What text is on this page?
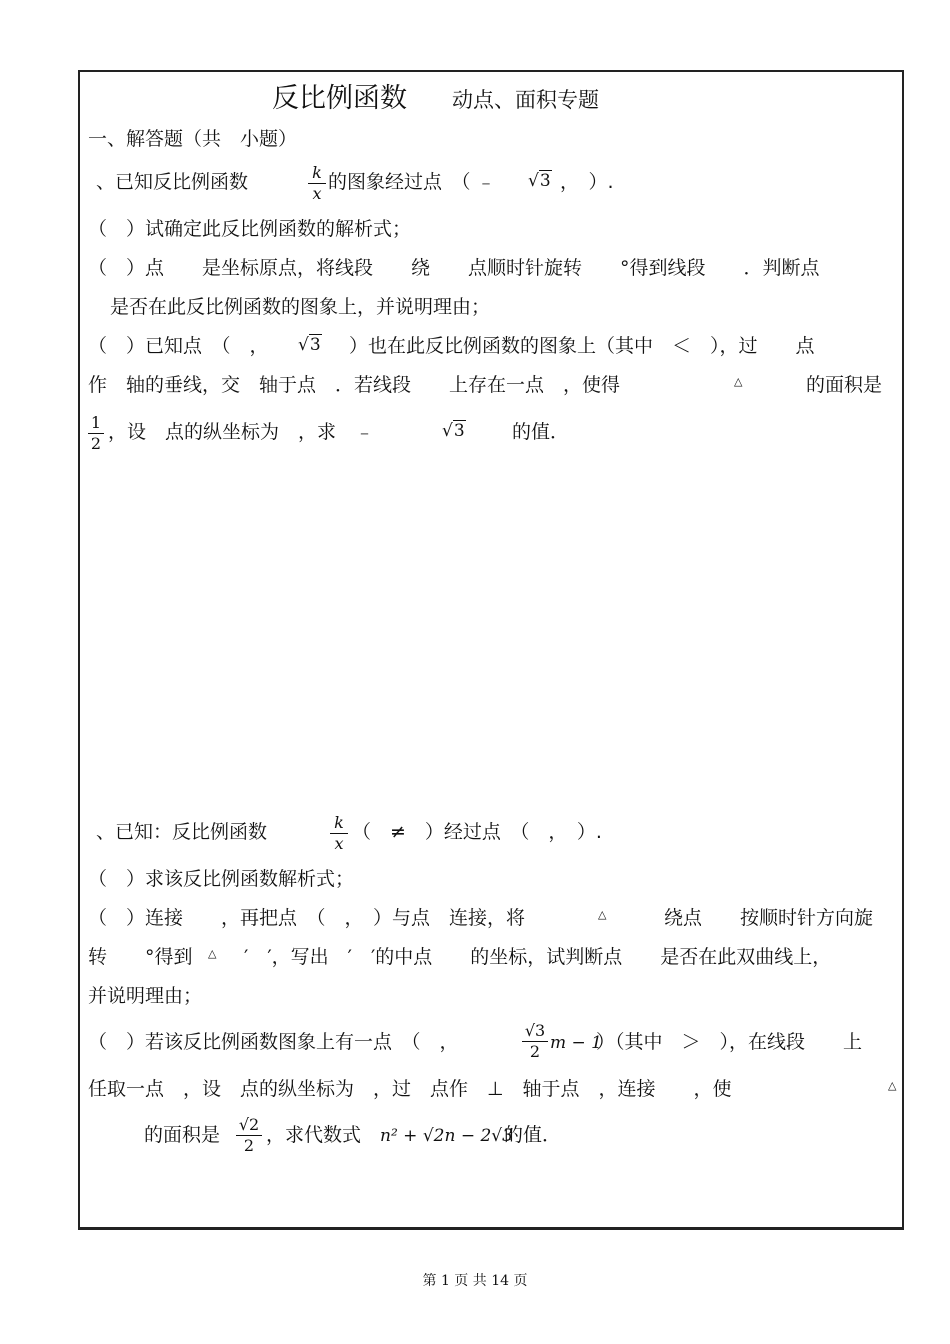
反比例函数 动点、面积专题
一、解答题（共　小题）
、已知反比例函数	k
x
的图象经过点　（ ﹣ √3 ，　）.
（　）试确定此反比例函数的解析式；
（　）点　　是坐标原点，将线段　　绕　　点顺时针旋转　　°得到线段　　．判断点
是否在此反比例函数的图象上，并说明理由；
（　）已知点　（　， √3 　）也在此反比例函数的图象上（其中　＜　），过　　点
作　轴的垂线，交　轴于点　．若线段　　上存在一点　，使得	△	的面积是
1
2
，设　点的纵坐标为　，求　﹣	√3 的值．
、已知：反比例函数	k
x
（　≠　）经过点　（　，　）.
（　）求该反比例函数解析式；
（　）连接　　，再把点　（　，　）与点　连接，将	△	绕点　　按顺时针方向旋
转　　°得到 △ ′　′，写出　′　′的中点　　的坐标，试判断点　　是否在此双曲线上，
并说明理由；
（　）若该反比例函数图象上有一点　（　，
√3
2 m − 1
）（其中　＞　），在线段　　上
任取一点　，设　点的纵坐标为　，过　点作　⊥　轴于点　，连接　　，使	△
的面积是 √2
2 ，求代数式 n² + √2n − 2√3
的值．
第 1 页 共 14 页
